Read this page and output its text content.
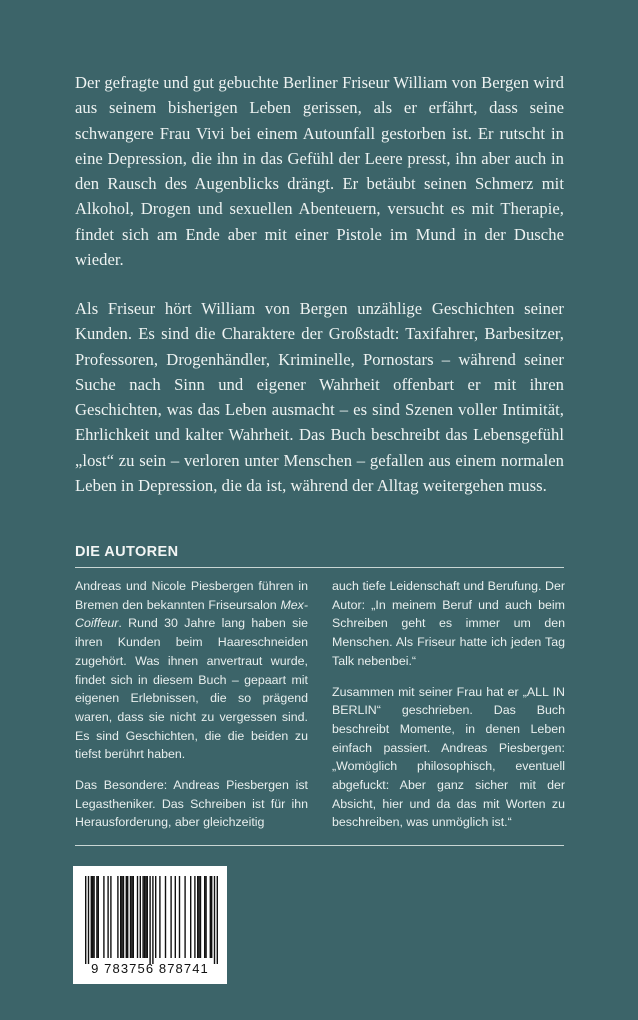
Der gefragte und gut gebuchte Berliner Friseur William von Bergen wird aus seinem bisherigen Leben gerissen, als er erfährt, dass seine schwangere Frau Vivi bei einem Autounfall gestorben ist. Er rutscht in eine Depression, die ihn in das Gefühl der Leere presst, ihn aber auch in den Rausch des Augenblicks drängt. Er betäubt seinen Schmerz mit Alkohol, Drogen und sexuellen Abenteuern, versucht es mit Therapie, findet sich am Ende aber mit einer Pistole im Mund in der Dusche wieder.

Als Friseur hört William von Bergen unzählige Geschichten seiner Kunden. Es sind die Charaktere der Großstadt: Taxifahrer, Barbesitzer, Professoren, Drogenhändler, Kriminelle, Pornostars – während seiner Suche nach Sinn und eigener Wahrheit offenbart er mit ihren Geschichten, was das Leben ausmacht – es sind Szenen voller Intimität, Ehrlichkeit und kalter Wahrheit. Das Buch beschreibt das Lebensgefühl „lost“ zu sein – verloren unter Menschen – gefallen aus einem normalen Leben in Depression, die da ist, während der Alltag weitergehen muss.

DIE AUTOREN

Andreas und Nicole Piesbergen führen in Bremen den bekannten Friseursalon Mex-Coiffeur. Rund 30 Jahre lang haben sie ihren Kunden beim Haareschneiden zugehört. Was ihnen anvertraut wurde, findet sich in diesem Buch – gepaart mit eigenen Erlebnissen, die so prägend waren, dass sie nicht zu vergessen sind. Es sind Geschichten, die die beiden zu tiefst berührt haben.

Das Besondere: Andreas Piesbergen ist Legastheniker. Das Schreiben ist für ihn Herausforderung, aber gleichzeitig

auch tiefe Leidenschaft und Berufung. Der Autor: „In meinem Beruf und auch beim Schreiben geht es immer um den Menschen. Als Friseur hatte ich jeden Tag Talk nebenbei.“

Zusammen mit seiner Frau hat er „ALL IN BERLIN“ geschrieben. Das Buch beschreibt Momente, in denen Leben einfach passiert. Andreas Piesbergen: „Womöglich philosophisch, eventuell abgefuckt: Aber ganz sicher mit der Absicht, hier und da das mit Worten zu beschreiben, was unmöglich ist.“

9 783756 878741
